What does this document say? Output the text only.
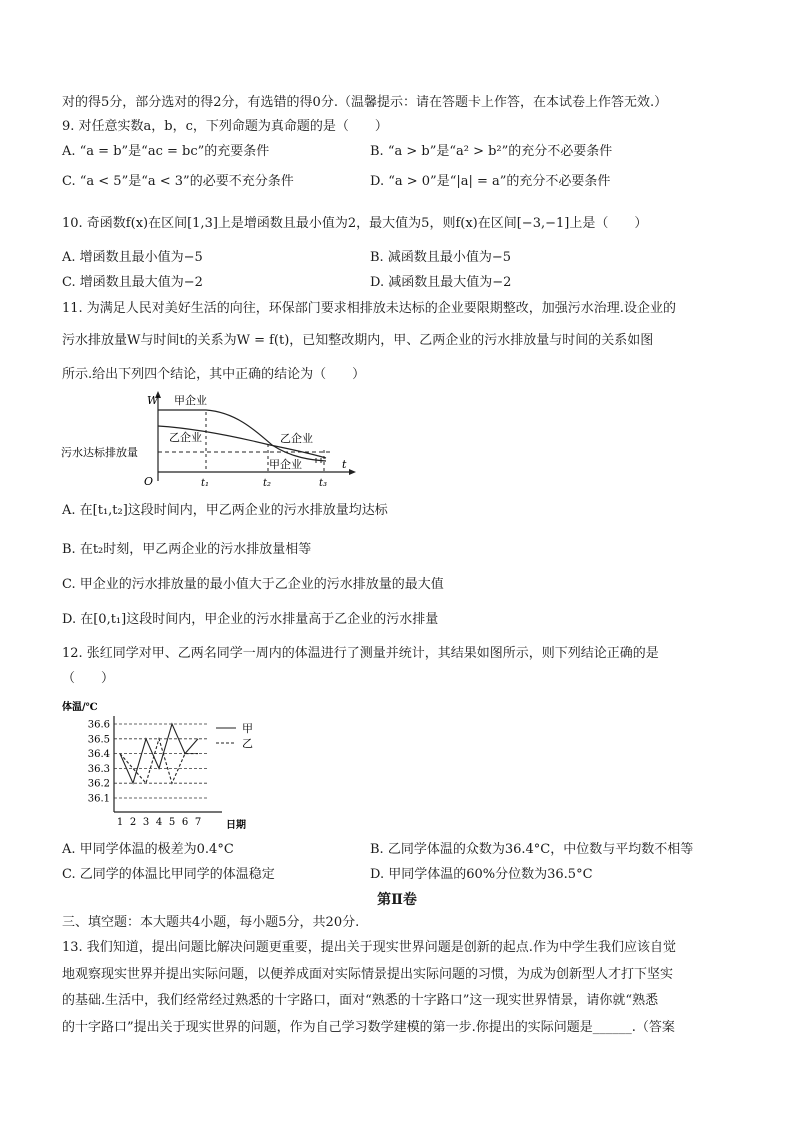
对的得5分，部分选对的得2分，有选错的得0分.（温馨提示：请在答题卡上作答，在本试卷上作答无效.）
9. 对任意实数a，b，c，下列命题为真命题的是（　　）
A. “a = b”是“ac = bc”的充要条件	B. “a > b”是“a² > b²”的充分不必要条件
C. “a < 5”是“a < 3”的必要不充分条件	D. “a > 0”是“|a| = a”的充分不必要条件
10. 奇函数f(x)在区间[1,3]上是增函数且最小值为2，最大值为5，则f(x)在区间[−3,−1]上是（　　）
A. 增函数且最小值为−5	B. 减函数且最小值为−5
C. 增函数且最大值为−2	D. 减函数且最大值为−2
11. 为满足人民对美好生活的向往，环保部门要求相排放未达标的企业要限期整改，加强污水治理.设企业的
污水排放量W与时间t的关系为W = f(t)，已知整改期内，甲、乙两企业的污水排放量与时间的关系如图
所示.给出下列四个结论，其中正确的结论为（　　）
W 甲企业
乙企业
污水达标排放量
乙企业
甲企业
O	t₁	t₂	t₃
t
A. 在[t₁,t₂]这段时间内，甲乙两企业的污水排放量均达标
B. 在t₂时刻，甲乙两企业的污水排放量相等
C. 甲企业的污水排放量的最小值大于乙企业的污水排放量的最大值
D. 在[0,t₁]这段时间内，甲企业的污水排量高于乙企业的污水排量
12. 张红同学对甲、乙两名同学一周内的体温进行了测量并统计，其结果如图所示，则下列结论正确的是
（　　）
体温/℃
36.1
36.2
36.3
36.4
36.5
36.6
1 2 3 4 5 6 7 日期
甲
乙
A. 甲同学体温的极差为0.4°C	B. 乙同学体温的众数为36.4°C，中位数与平均数不相等
C. 乙同学的体温比甲同学的体温稳定	D. 甲同学体温的60%分位数为36.5°C
第Ⅱ卷
三、填空题：本大题共4小题，每小题5分，共20分.
13. 我们知道，提出问题比解决问题更重要，提出关于现实世界问题是创新的起点.作为中学生我们应该自觉
地观察现实世界并提出实际问题，以便养成面对实际情景提出实际问题的习惯，为成为创新型人才打下坚实
的基础.生活中，我们经常经过熟悉的十字路口，面对“熟悉的十字路口”这一现实世界情景，请你就“熟悉
的十字路口”提出关于现实世界的问题，作为自己学习数学建模的第一步.你提出的实际问题是______.（答案
